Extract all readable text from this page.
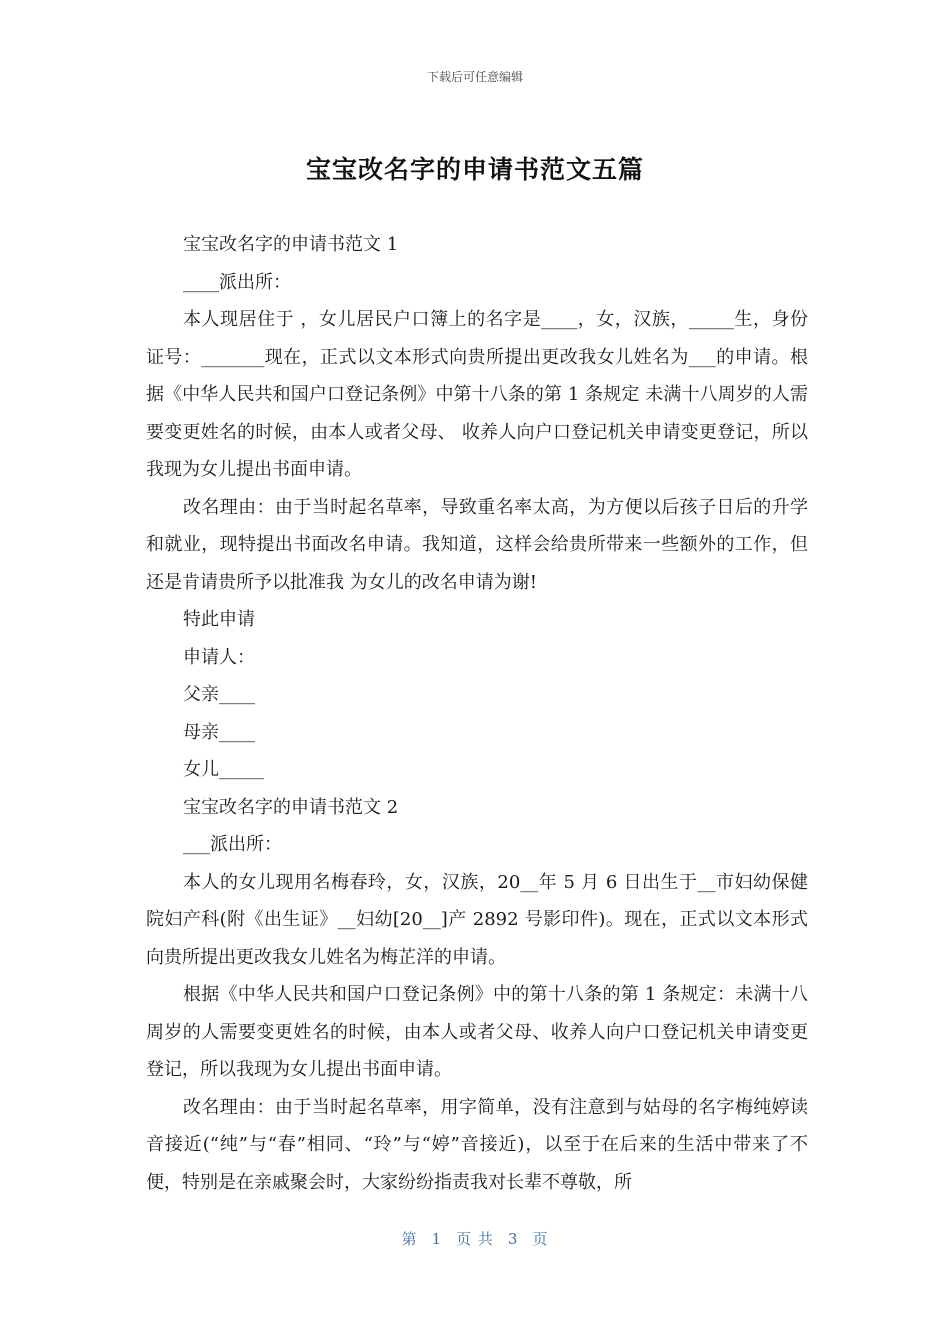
下载后可任意编辑
宝宝改名字的申请书范文五篇

宝宝改名字的申请书范文 1

____派出所：

本人现居住于 ，女儿居民户口簿上的名字是____，女，汉族，_____生，身份证号：_______现在，正式以文本形式向贵所提出更改我女儿姓名为___的申请。根据《中华人民共和国户口登记条例》中第十八条的第 1 条规定 未满十八周岁的人需要变更姓名的时候，由本人或者父母、 收养人向户口登记机关申请变更登记，所以我现为女儿提出书面申请。

改名理由：由于当时起名草率，导致重名率太高，为方便以后孩子日后的升学和就业，现特提出书面改名申请。我知道，这样会给贵所带来一些额外的工作，但还是肯请贵所予以批准我 为女儿的改名申请为谢!

特此申请

申请人：

父亲____

母亲____

女儿_____

宝宝改名字的申请书范文 2

___派出所：

本人的女儿现用名梅春玲，女，汉族，20__年 5 月 6 日出生于__市妇幼保健院妇产科(附《出生证》__妇幼[20__]产 2892 号影印件)。现在，正式以文本形式向贵所提出更改我女儿姓名为梅芷洋的申请。

根据《中华人民共和国户口登记条例》中的第十八条的第 1 条规定：未满十八周岁的人需要变更姓名的时候，由本人或者父母、收养人向户口登记机关申请变更登记，所以我现为女儿提出书面申请。

改名理由：由于当时起名草率，用字简单，没有注意到与姑母的名字梅纯婷读音接近(“纯”与“春”相同、“玲”与“婷”音接近)，以至于在后来的生活中带来了不便，特别是在亲戚聚会时，大家纷纷指责我对长辈不尊敬，所

第 1 页 共 3 页
